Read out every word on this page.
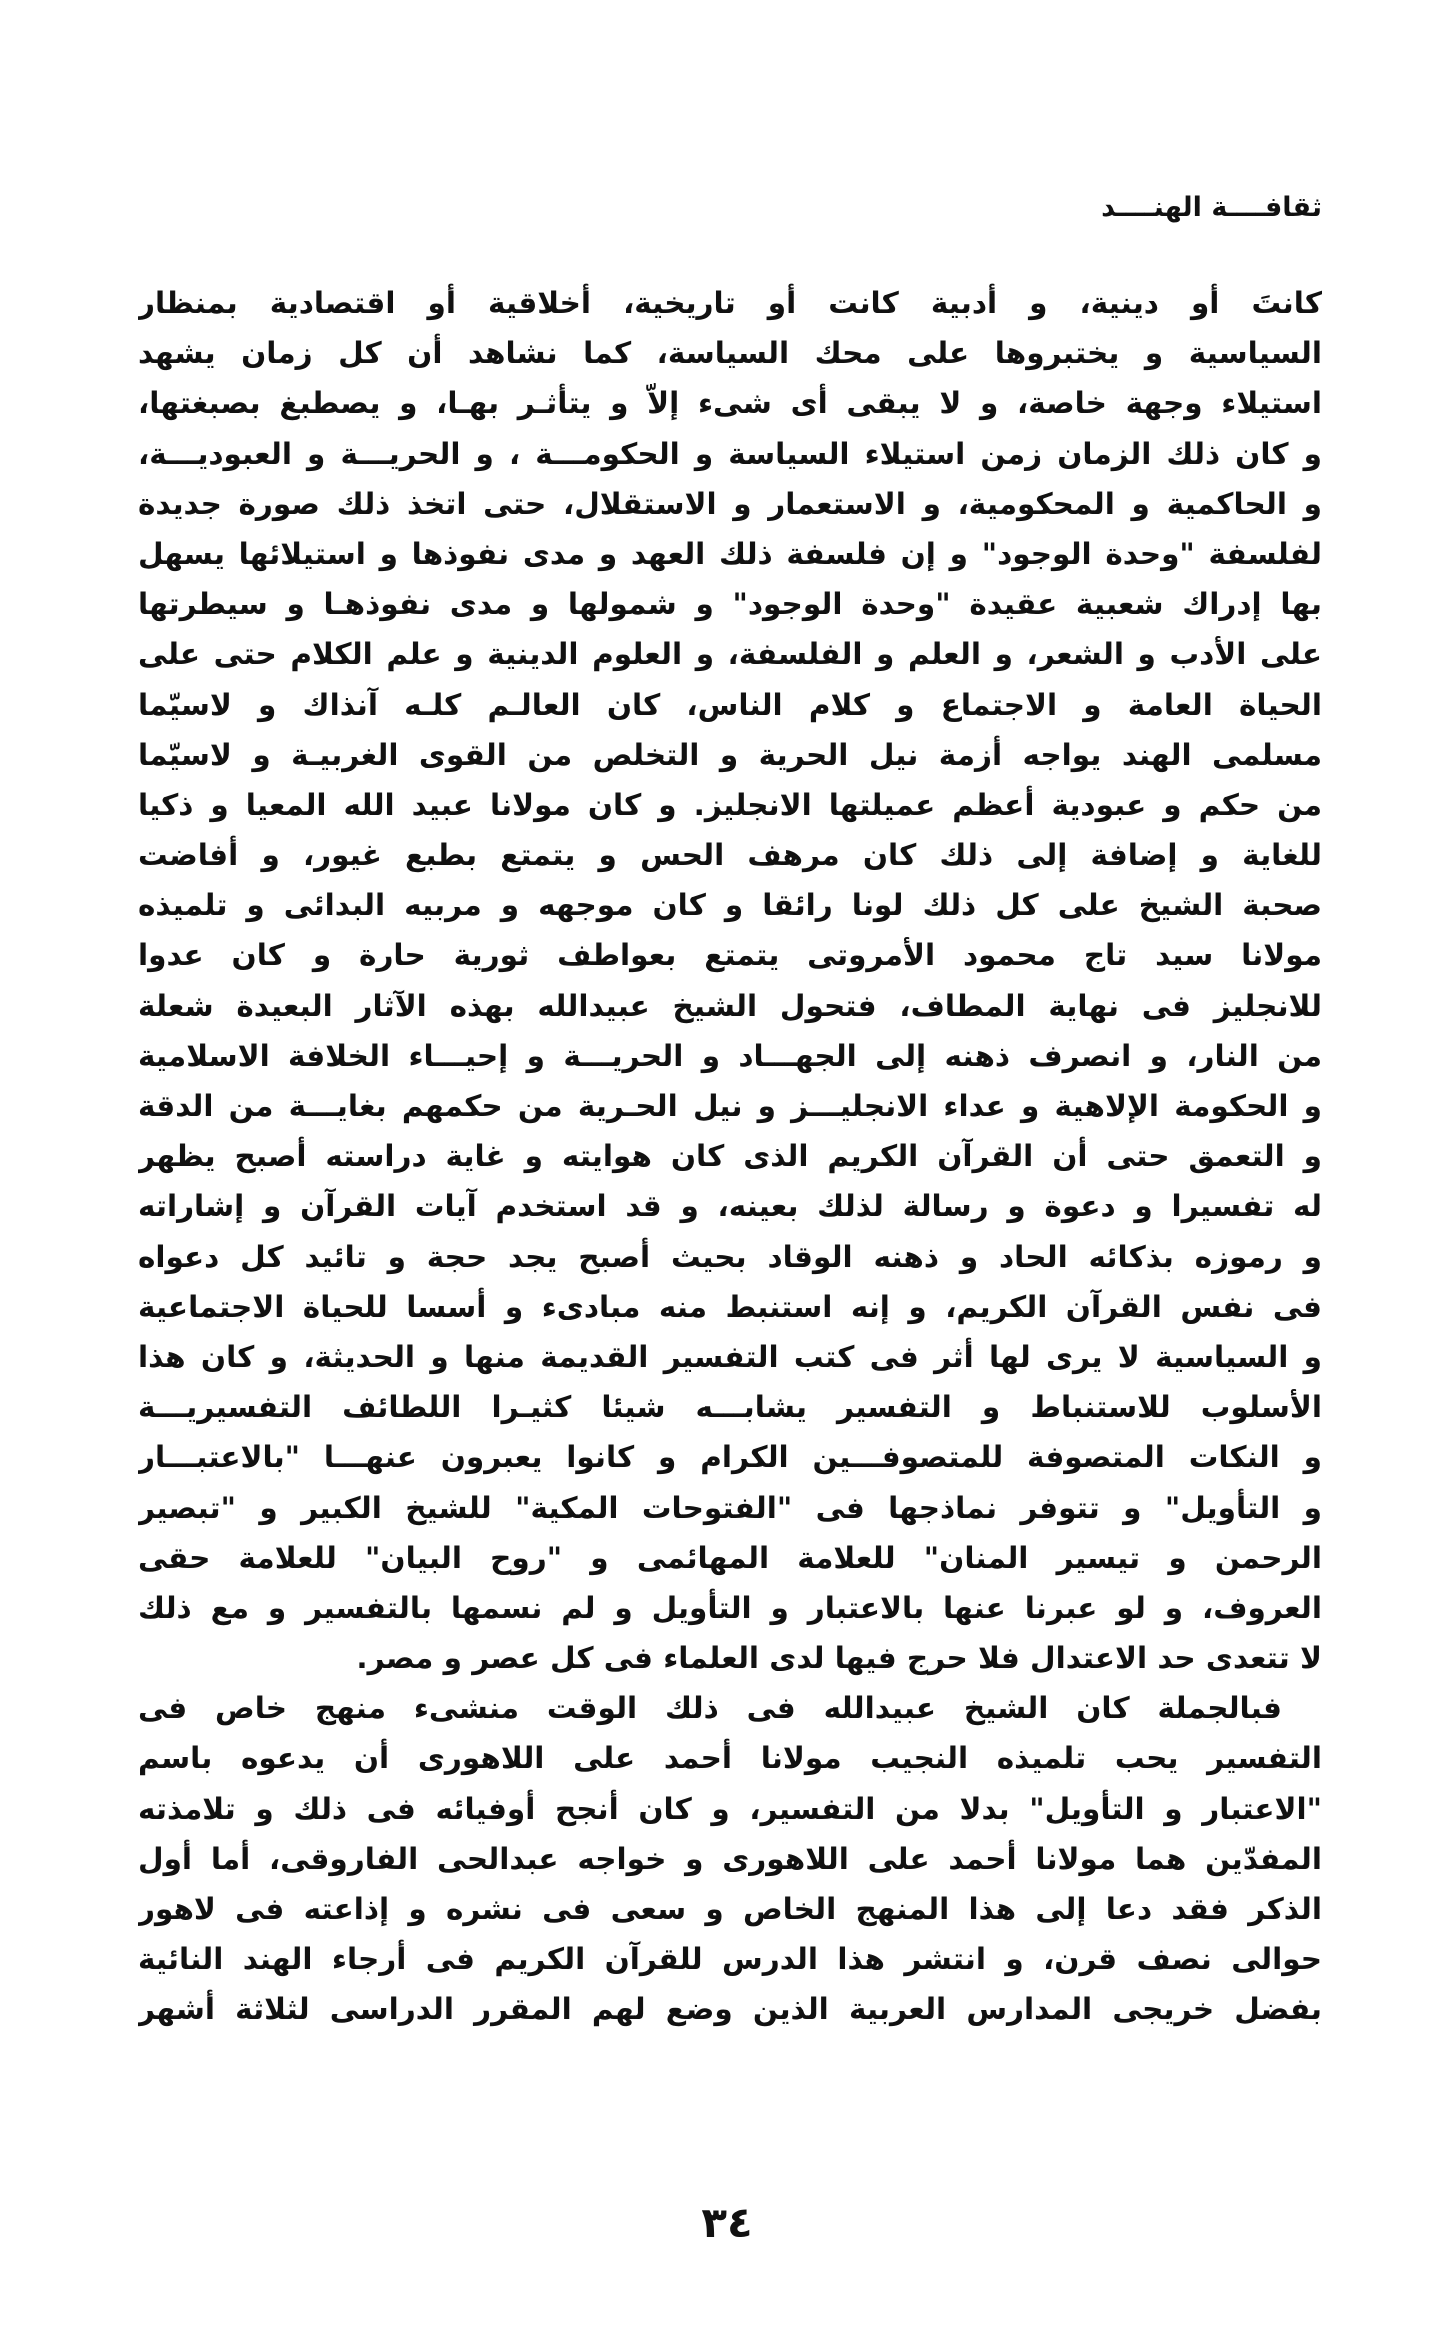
ثقافــــة الهنــــد
كانتَ أو دينية، و أدبية كانت أو تاريخية، أخلاقية أو اقتصادية بمنظار
السياسية و يختبروها على محك السياسة، كما نشاهد أن كل زمان يشهد
استيلاء وجهة خاصة، و لا يبقى أى شىء إلاّ و يتأثـر بهـا، و يصطبغ بصبغتها،
و كان ذلك الزمان زمن استيلاء السياسة و الحكومـــة ، و الحريـــة و العبوديـــة،
و الحاكمية و المحكومية، و الاستعمار و الاستقلال، حتى اتخذ ذلك صورة جديدة
لفلسفة "وحدة الوجود" و إن فلسفة ذلك العهد و مدى نفوذها و استيلائها يسهل
بها إدراك شعبية عقيدة "وحدة الوجود" و شمولها و مدى نفوذهـا و سيطرتها
على الأدب و الشعر، و العلم و الفلسفة، و العلوم الدينية و علم الكلام حتى على
الحياة العامة و الاجتماع و كلام الناس، كان العالـم كلـه آنذاك و لاسيّما
مسلمى الهند يواجه أزمة نيل الحرية و التخلص من القوى الغربيـة و لاسيّما
من حكم و عبودية أعظم عميلتها الانجليز. و كان مولانا عبيد الله المعيا و ذكيا
للغاية و إضافة إلى ذلك كان مرهف الحس و يتمتع بطبع غيور، و أفاضت
صحبة الشيخ على كل ذلك لونا رائقا و كان موجهه و مربيه البدائى و تلميذه
مولانا سيد تاج محمود الأمروتى يتمتع بعواطف ثورية حارة و كان عدوا
للانجليز فى نهاية المطاف، فتحول الشيخ عبيدالله بهذه الآثار البعيدة شعلة
من النار، و انصرف ذهنه إلى الجهـــاد و الحريـــة و إحيـــاء الخلافة الاسلامية
و الحكومة الإلاهية و عداء الانجليـــز و نيل الحـرية من حكمهم بغايـــة من الدقة
و التعمق حتى أن القرآن الكريم الذى كان هوايته و غاية دراسته أصبح يظهر
له تفسيرا و دعوة و رسالة لذلك بعينه، و قد استخدم آيات القرآن و إشاراته
و رموزه بذكائه الحاد و ذهنه الوقاد بحيث أصبح يجد حجة و تائيد كل دعواه
فى نفس القرآن الكريم، و إنه استنبط منه مبادىء و أسسا للحياة الاجتماعية
و السياسية لا يرى لها أثر فى كتب التفسير القديمة منها و الحديثة، و كان هذا
الأسلوب للاستنباط و التفسير يشابـــه شيئا كثيـرا اللطائف التفسيريـــة
و النكات المتصوفة للمتصوفـــين الكرام و كانوا يعبرون عنهـــا "بالاعتبـــار
و التأويل" و تتوفر نماذجها فى "الفتوحات المكية" للشيخ الكبير و "تبصير
الرحمن و تيسير المنان" للعلامة المهائمى و "روح البيان" للعلامة حقى
العروف، و لو عبرنا عنها بالاعتبار و التأويل و لم نسمها بالتفسير و مع ذلك
لا تتعدى حد الاعتدال فلا حرج فيها لدى العلماء فى كل عصر و مصر.
فبالجملة كان الشيخ عبيدالله فى ذلك الوقت منشىء منهج خاص فى
التفسير يحب تلميذه النجيب مولانا أحمد على اللاهورى أن يدعوه باسم
"الاعتبار و التأويل" بدلا من التفسير، و كان أنجح أوفيائه فى ذلك و تلامذته
المفدّين هما مولانا أحمد على اللاهورى و خواجه عبدالحى الفاروقى، أما أول
الذكر فقد دعا إلى هذا المنهج الخاص و سعى فى نشره و إذاعته فى لاهور
حوالى نصف قرن، و انتشر هذا الدرس للقرآن الكريم فى أرجاء الهند النائية
بفضل خريجى المدارس العربية الذين وضع لهم المقرر الدراسى لثلاثة أشهر
٣٤
